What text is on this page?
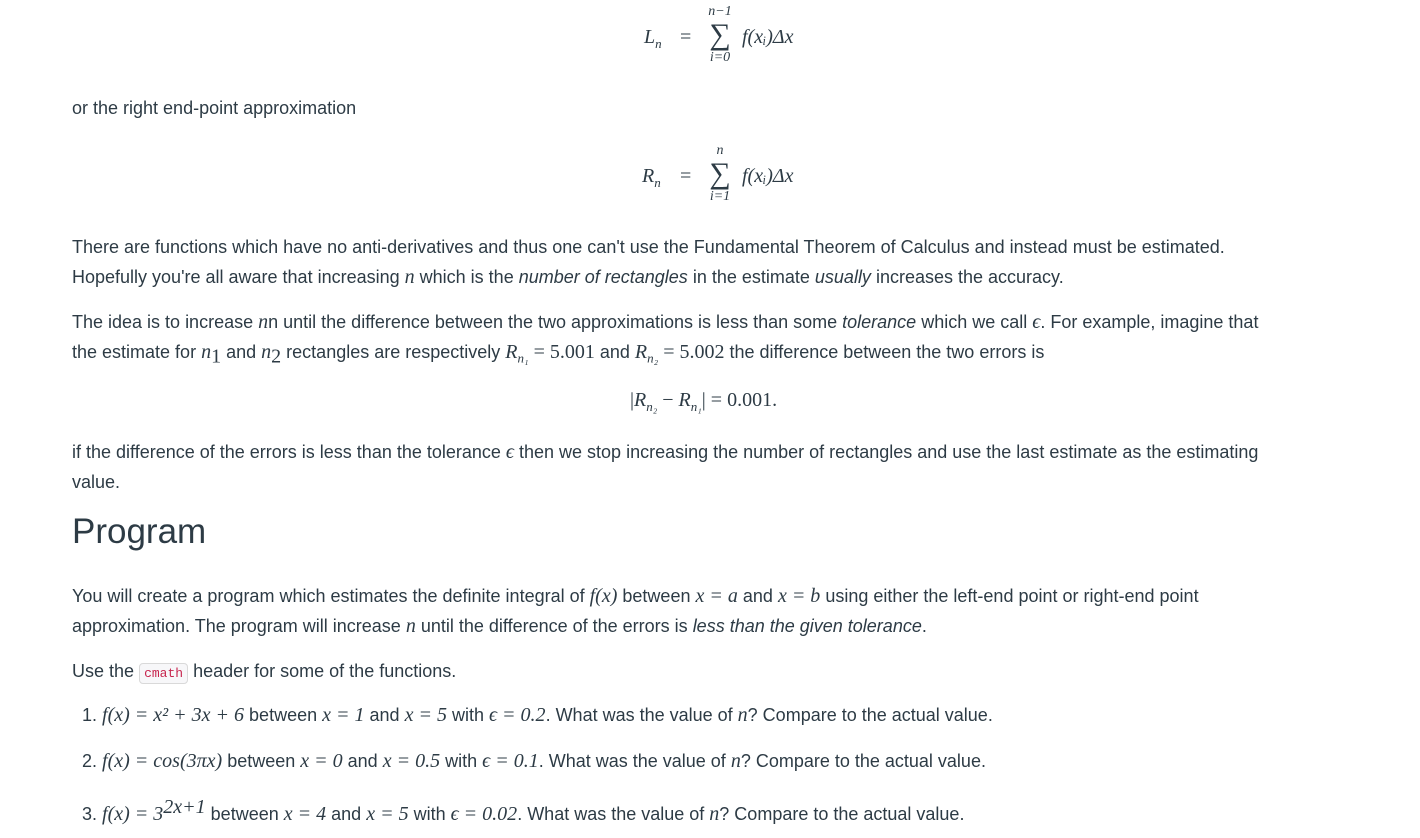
$L_n$ =
n−1
∑
i=0
f(xᵢ)Δx
or the right end-point approximation
$R_n$ =
n
∑
i=1
f(xᵢ)Δx
There are functions which have no anti-derivatives and thus one can't use the Fundamental Theorem of Calculus and instead must be estimated.
Hopefully you're all aware that increasing n which is the number of rectangles in the estimate usually increases the accuracy.
The idea is to increase nn until the difference between the two approximations is less than some tolerance which we call ϵ. For example, imagine that
the estimate for $n_1$ and $n_2$ rectangles are respectively $R_{n_1} = 5.001$ and $R_{n_2} = 5.002$ the difference between the two errors is
$|R_{n_2} - R_{n_1}| = 0.001$.
if the difference of the errors is less than the tolerance ϵ then we stop increasing the number of rectangles and use the last estimate as the estimating
value.
Program
You will create a program which estimates the definite integral of f(x) between x = a and x = b using either the left-end point or right-end point
approximation. The program will increase n until the difference of the errors is less than the given tolerance.
Use the cmath header for some of the functions.
1. f(x) = x² + 3x + 6 between x = 1 and x = 5 with ϵ = 0.2. What was the value of n? Compare to the actual value.
2. f(x) = cos(3πx) between x = 0 and x = 0.5 with ϵ = 0.1. What was the value of n? Compare to the actual value.
3. $f(x) = 3^{2x+1}$ between x = 4 and x = 5 with ϵ = 0.02. What was the value of n? Compare to the actual value.
